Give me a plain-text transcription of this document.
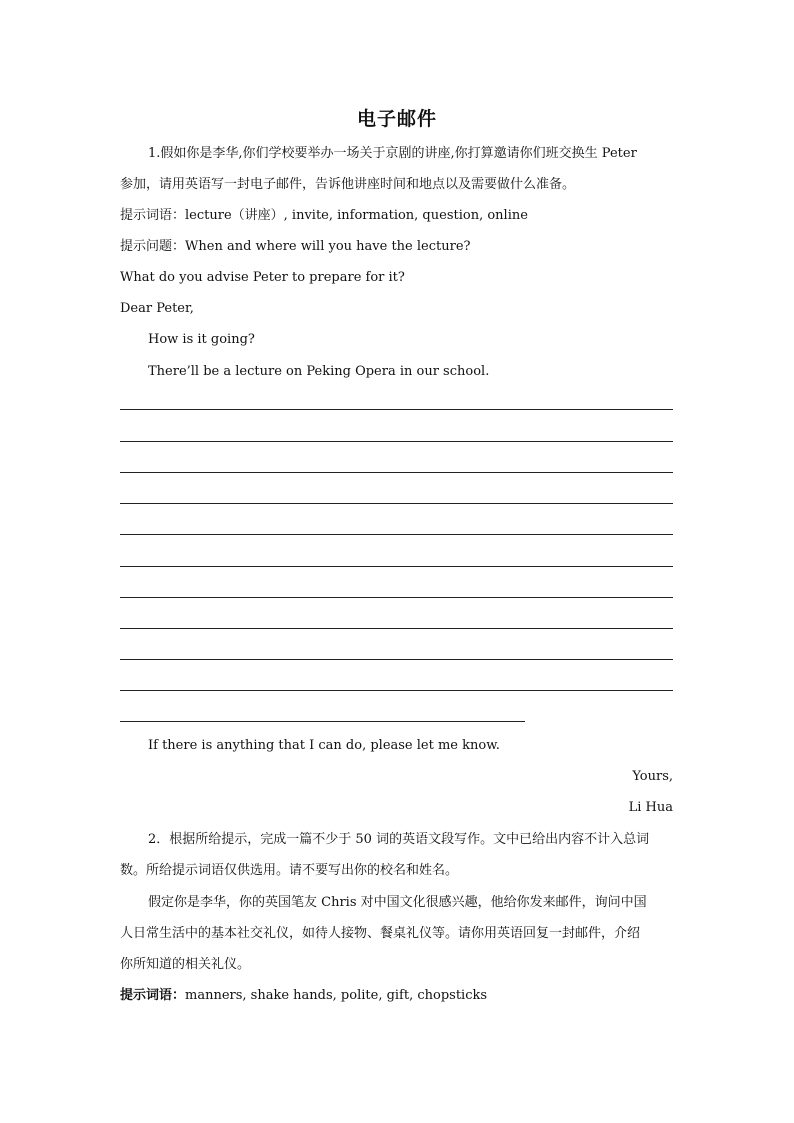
电子邮件
1.假如你是李华,你们学校要举办一场关于京剧的讲座,你打算邀请你们班交换生 Peter
参加，请用英语写一封电子邮件，告诉他讲座时间和地点以及需要做什么准备。
提示词语：lecture（讲座）, invite, information, question, online
提示问题：When and where will you have the lecture?
What do you advise Peter to prepare for it?
Dear Peter,
How is it going?
There’ll be a lecture on Peking Opera in our school.
If there is anything that I can do, please let me know.
Yours,
Li Hua
2．根据所给提示，完成一篇不少于 50 词的英语文段写作。文中已给出内容不计入总词
数。所给提示词语仅供选用。请不要写出你的校名和姓名。
假定你是李华，你的英国笔友 Chris 对中国文化很感兴趣，他给你发来邮件，询问中国
人日常生活中的基本社交礼仪，如待人接物、餐桌礼仪等。请你用英语回复一封邮件，介绍
你所知道的相关礼仪。
提示词语：manners, shake hands, polite, gift, chopsticks
